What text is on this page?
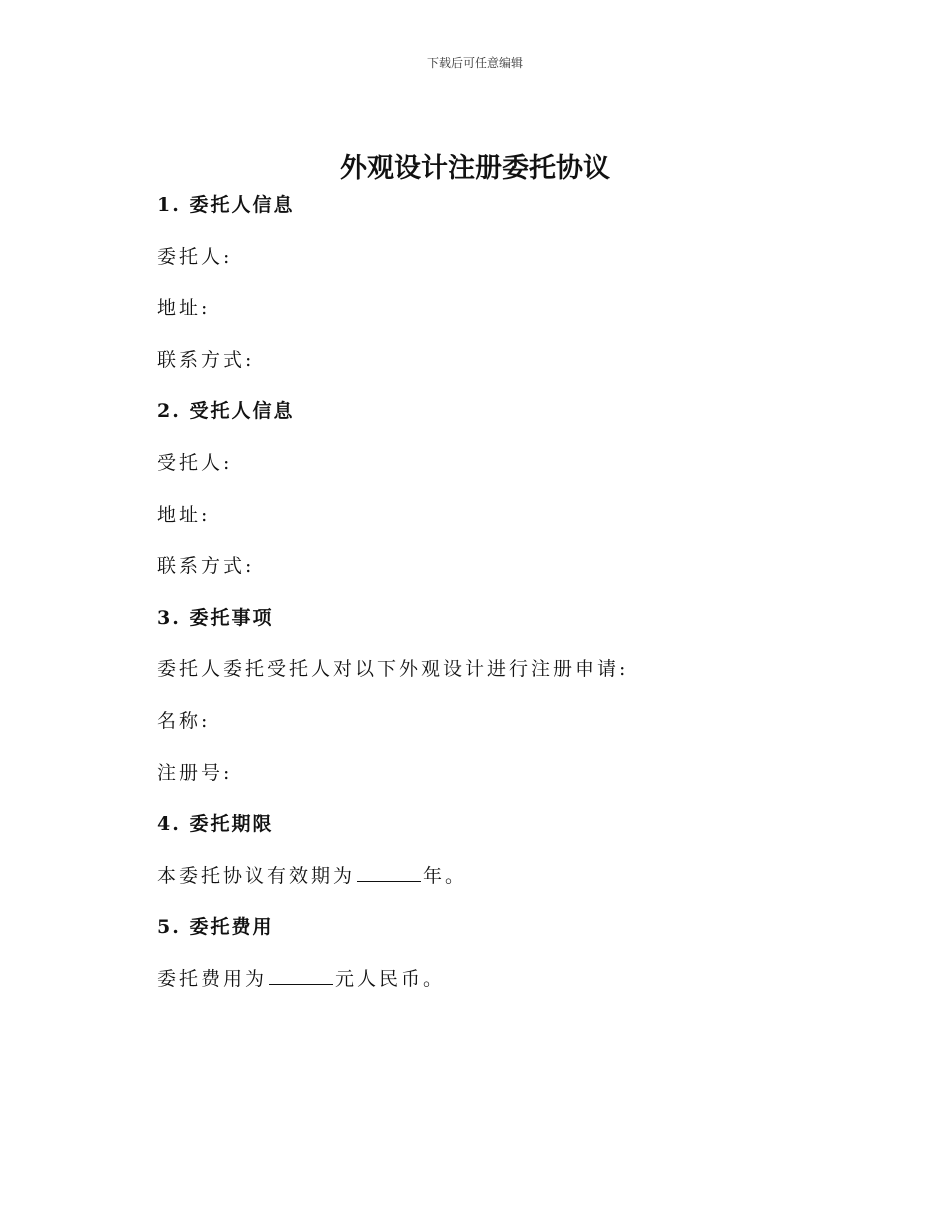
下载后可任意编辑
外观设计注册委托协议
1. 委托人信息
委托人:
地址:
联系方式:
2. 受托人信息
受托人:
地址:
联系方式:
3. 委托事项
委托人委托受托人对以下外观设计进行注册申请:
名称:
注册号:
4. 委托期限
本委托协议有效期为	年。
5. 委托费用
委托费用为	元人民币。
